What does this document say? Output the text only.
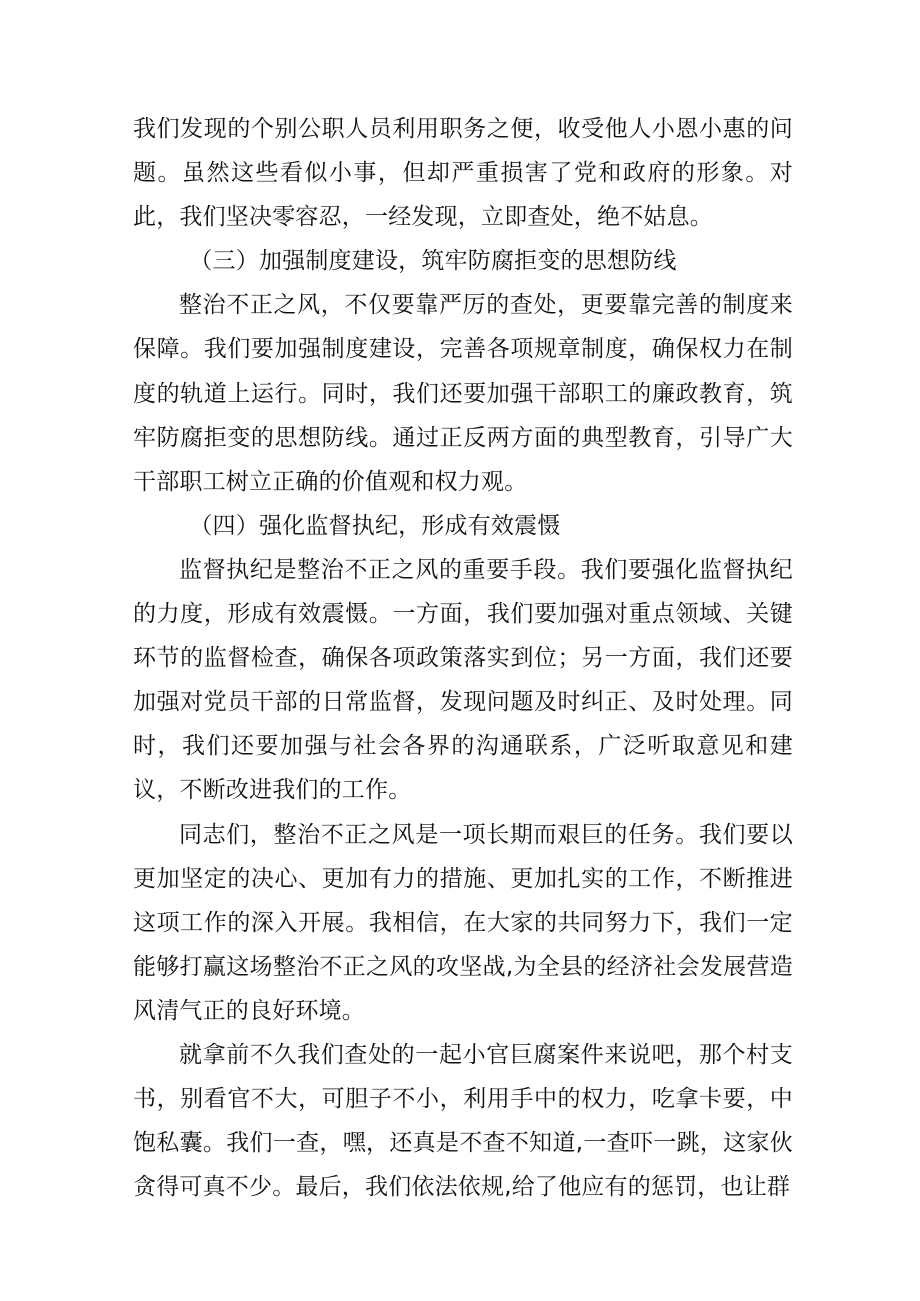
我们发现的个别公职人员利用职务之便，收受他人小恩小惠的问题。虽然这些看似小事，但却严重损害了党和政府的形象。对此，我们坚决零容忍，一经发现，立即查处，绝不姑息。

（三）加强制度建设，筑牢防腐拒变的思想防线

整治不正之风，不仅要靠严厉的查处，更要靠完善的制度来保障。我们要加强制度建设，完善各项规章制度，确保权力在制度的轨道上运行。同时，我们还要加强干部职工的廉政教育，筑牢防腐拒变的思想防线。通过正反两方面的典型教育，引导广大干部职工树立正确的价值观和权力观。

（四）强化监督执纪，形成有效震慑

监督执纪是整治不正之风的重要手段。我们要强化监督执纪的力度，形成有效震慑。一方面，我们要加强对重点领域、关键环节的监督检查，确保各项政策落实到位；另一方面，我们还要加强对党员干部的日常监督，发现问题及时纠正、及时处理。同时，我们还要加强与社会各界的沟通联系，广泛听取意见和建议，不断改进我们的工作。

同志们，整治不正之风是一项长期而艰巨的任务。我们要以更加坚定的决心、更加有力的措施、更加扎实的工作，不断推进这项工作的深入开展。我相信，在大家的共同努力下，我们一定能够打赢这场整治不正之风的攻坚战,为全县的经济社会发展营造风清气正的良好环境。

就拿前不久我们查处的一起小官巨腐案件来说吧，那个村支书，别看官不大，可胆子不小，利用手中的权力，吃拿卡要，中饱私囊。我们一查，嘿，还真是不查不知道,一查吓一跳，这家伙贪得可真不少。最后，我们依法依规,给了他应有的惩罚，也让群
